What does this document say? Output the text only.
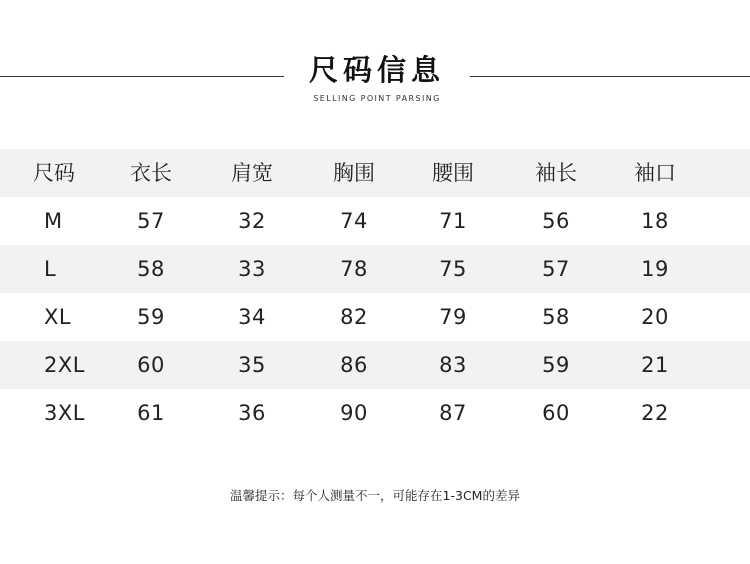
尺码信息
SELLING POINT PARSING
尺码	衣长	肩宽	胸围	腰围	袖长	袖口
M	57	32	74	71	56	18
L	58	33	78	75	57	19
XL	59	34	82	79	58	20
2XL	60	35	86	83	59	21
3XL	61	36	90	87	60	22
温馨提示：每个人测量不一，可能存在1-3CM的差异
